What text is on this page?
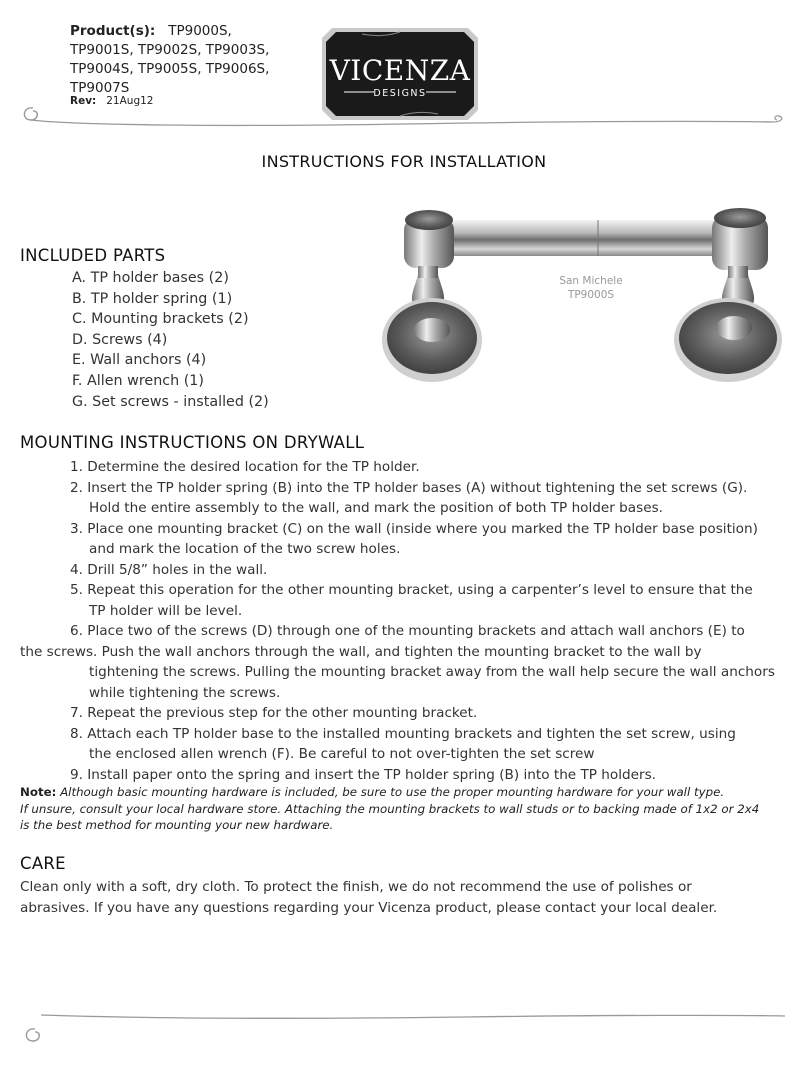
Product(s): TP9000S,
TP9001S, TP9002S, TP9003S,
TP9004S, TP9005S, TP9006S,
TP9007S
Rev: 21Aug12
VICENZA
DESIGNS
INSTRUCTIONS FOR INSTALLATION
INCLUDED PARTS
A. TP holder bases (2)
B. TP holder spring (1)
C. Mounting brackets (2)
D. Screws (4)
E. Wall anchors (4)
F. Allen wrench (1)
G. Set screws - installed (2)
San Michele
TP9000S
MOUNTING INSTRUCTIONS ON DRYWALL
1. Determine the desired location for the TP holder.
2. Insert the TP holder spring (B) into the TP holder bases (A) without tightening the set screws (G).
Hold the entire assembly to the wall, and mark the position of both TP holder bases.
3. Place one mounting bracket (C) on the wall (inside where you marked the TP holder base position)
and mark the location of the two screw holes.
4. Drill 5/8” holes in the wall.
5. Repeat this operation for the other mounting bracket, using a carpenter’s level to ensure that the
TP holder will be level.
6. Place two of the screws (D) through one of the mounting brackets and attach wall anchors (E) to
the screws. Push the wall anchors through the wall, and tighten the mounting bracket to the wall by
tightening the screws. Pulling the mounting bracket away from the wall help secure the wall anchors
while tightening the screws.
7. Repeat the previous step for the other mounting bracket.
8. Attach each TP holder base to the installed mounting brackets and tighten the set screw, using
the enclosed allen wrench (F). Be careful to not over-tighten the set screw
9. Install paper onto the spring and insert the TP holder spring (B) into the TP holders.
Note: Although basic mounting hardware is included, be sure to use the proper mounting hardware for your wall type.
If unsure, consult your local hardware store. Attaching the mounting brackets to wall studs or to backing made of 1x2 or 2x4
is the best method for mounting your new hardware.
CARE
Clean only with a soft, dry cloth. To protect the finish, we do not recommend the use of polishes or
abrasives. If you have any questions regarding your Vicenza product, please contact your local dealer.
